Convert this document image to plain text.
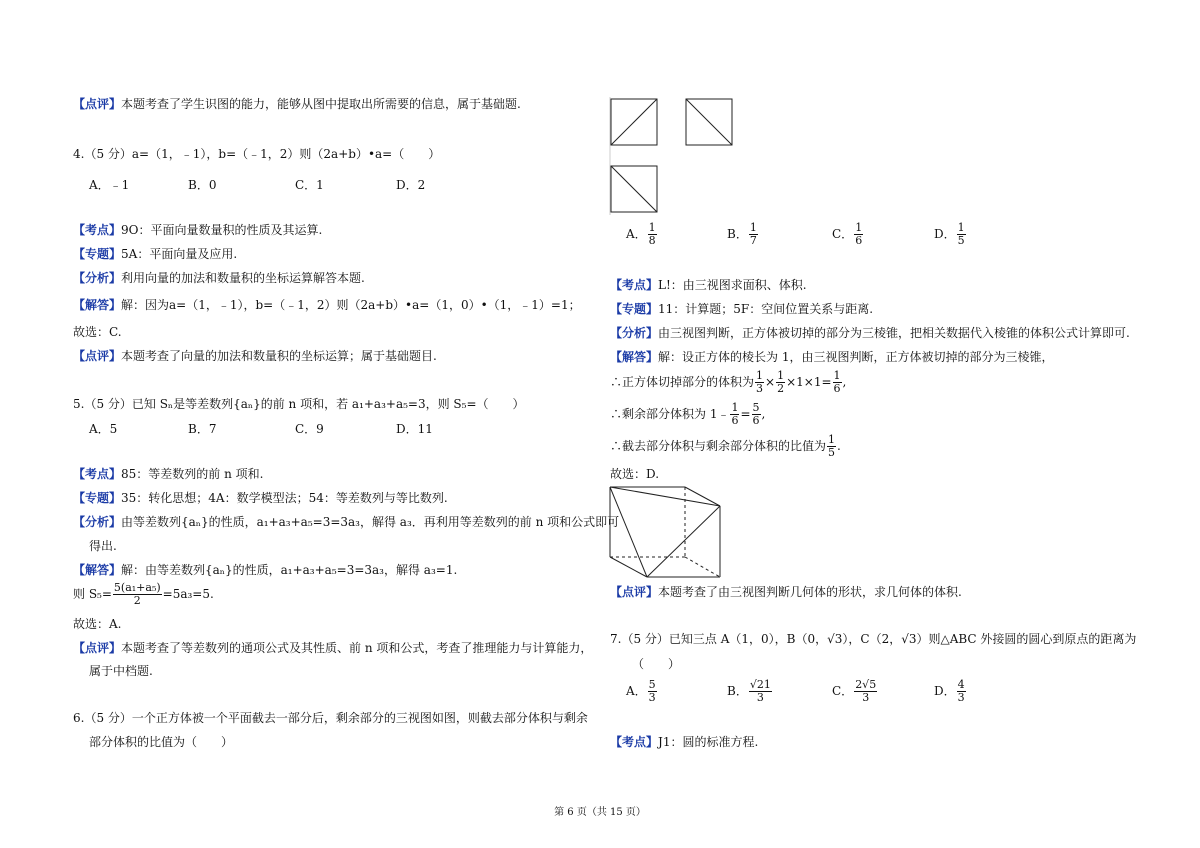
【点评】本题考查了学生识图的能力，能够从图中提取出所需要的信息，属于基础题.
4.（5 分）a=（1，﹣1），b=（﹣1，2）则（2a+b）•a=（　　）
A．﹣1	B．0	C．1	D．2
【考点】9O：平面向量数量积的性质及其运算.
【专题】5A：平面向量及应用.
【分析】利用向量的加法和数量积的坐标运算解答本题.
【解答】解：因为a=（1，﹣1），b=（﹣1，2）则（2a+b）•a=（1，0）•（1，﹣1）=1；
故选：C.
【点评】本题考查了向量的加法和数量积的坐标运算；属于基础题目.
5.（5 分）已知 Sₙ是等差数列{aₙ}的前 n 项和，若 a₁+a₃+a₅=3，则 S₅=（　　）
A．5	B．7	C．9	D．11
【考点】85：等差数列的前 n 项和.
【专题】35：转化思想；4A：数学模型法；54：等差数列与等比数列.
【分析】由等差数列{aₙ}的性质，a₁+a₃+a₅=3=3a₃，解得 a₃．再利用等差数列的前 n 项和公式即可
得出.
【解答】解：由等差数列{aₙ}的性质，a₁+a₃+a₅=3=3a₃，解得 a₃=1.
则 $S_5= \frac{\text{5(a₁+a₅)}}{2} =5a_3=5$.
故选：A.
【点评】本题考查了等差数列的通项公式及其性质、前 n 项和公式，考查了推理能力与计算能力，
属于中档题.
6.（5 分）一个正方体被一个平面截去一部分后，剩余部分的三视图如图，则截去部分体积与剩余
部分体积的比值为（　　）
A． $\frac{1}{8}$	B． $\frac{1}{7}$	C． $\frac{1}{6}$	D． $\frac{1}{5}$
【考点】L!：由三视图求面积、体积.
【专题】11：计算题；5F：空间位置关系与距离.
【分析】由三视图判断，正方体被切掉的部分为三棱锥，把相关数据代入棱锥的体积公式计算即可.
【解答】解：设正方体的棱长为 1，由三视图判断，正方体被切掉的部分为三棱锥，
∴正方体切掉部分的体积为 $\frac{1}{3} \times \frac{1}{2} \times 1\times 1= \frac{1}{6}$ ,
∴剩余部分体积为 1﹣ $\frac{1}{6} = \frac{5}{6}$ ,
∴截去部分体积与剩余部分体积的比值为 $\frac{1}{5}$ .
故选：D.
【点评】本题考查了由三视图判断几何体的形状，求几何体的体积.
7.（5 分）已知三点 A（1，0），B（0，√3），C（2，√3）则△ABC 外接圆的圆心到原点的距离为
（　　）
A． $\frac{5}{3}$	B． $\frac{√21}{3}$	C． $\frac{2√5}{3}$	D． $\frac{4}{3}$
【考点】J1：圆的标准方程.
第 6 页（共 15 页）
